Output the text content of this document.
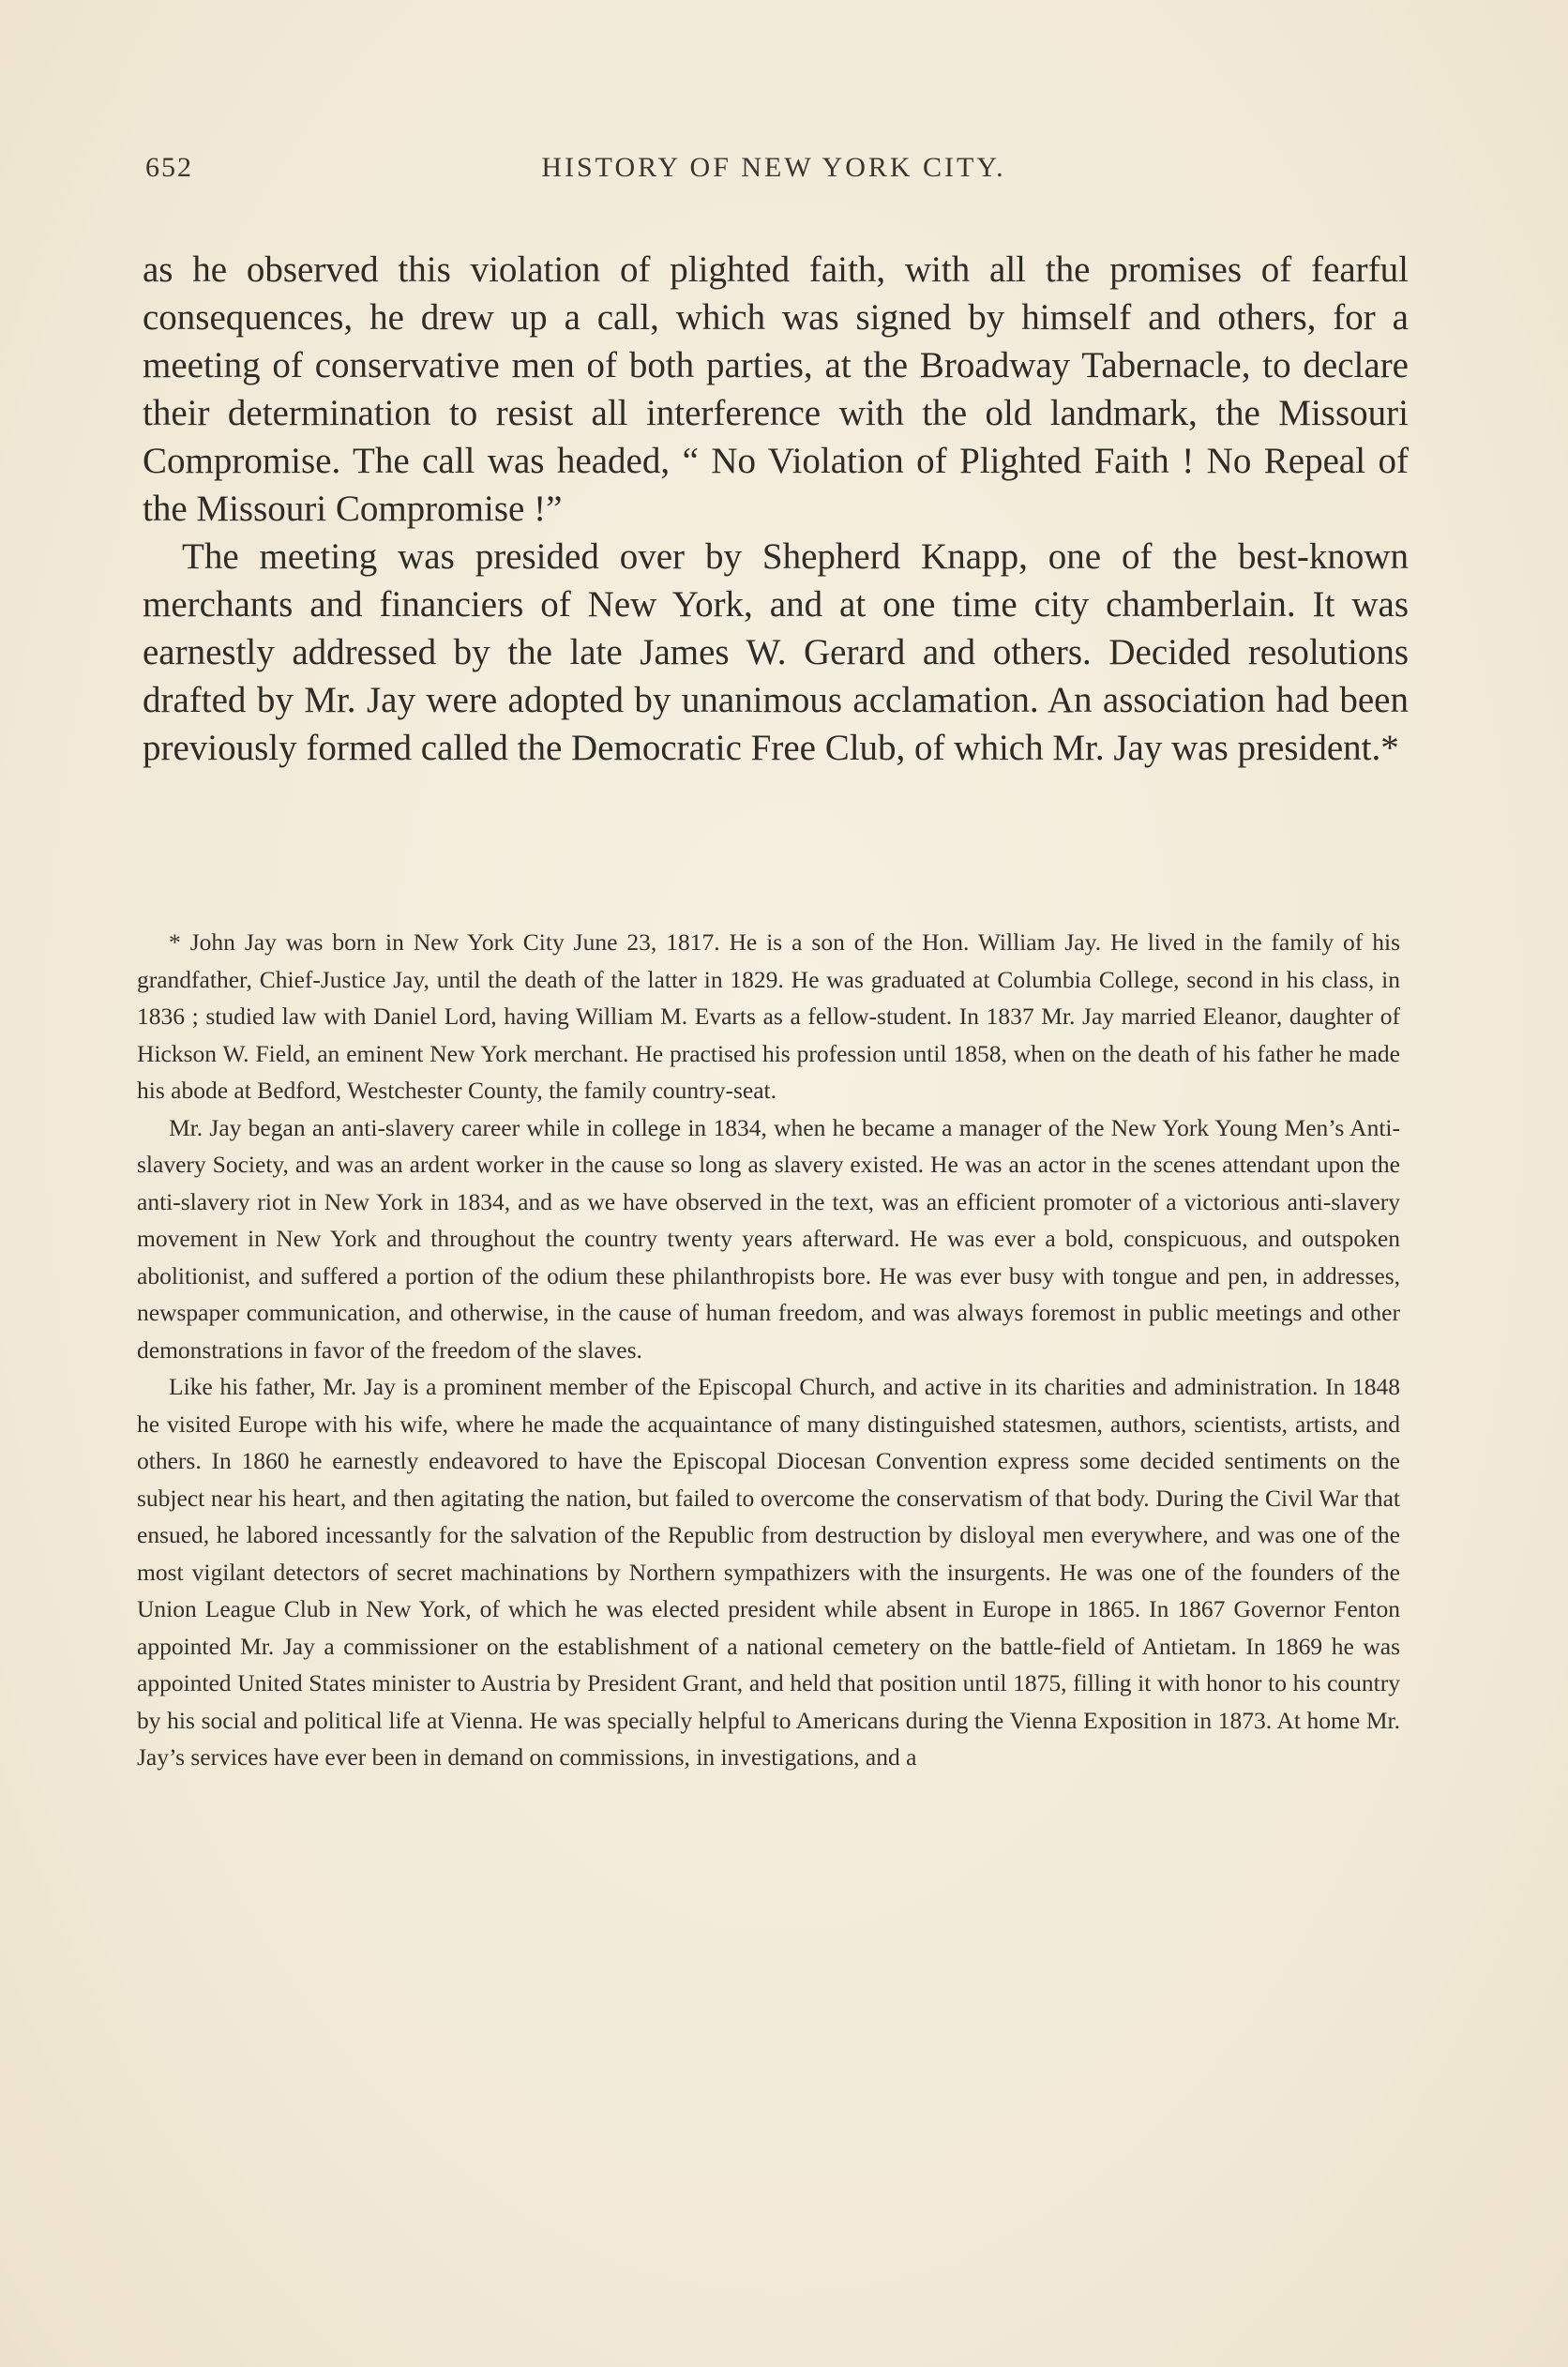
652	HISTORY OF NEW YORK CITY.

as he observed this violation of plighted faith, with all the promises of fearful consequences, he drew up a call, which was signed by himself and others, for a meeting of conservative men of both parties, at the Broadway Tabernacle, to declare their determination to resist all interference with the old landmark, the Missouri Compromise. The call was headed, “ No Violation of Plighted Faith ! No Repeal of the Missouri Compromise !”

The meeting was presided over by Shepherd Knapp, one of the best-known merchants and financiers of New York, and at one time city chamberlain. It was earnestly addressed by the late James W. Gerard and others. Decided resolutions drafted by Mr. Jay were adopted by unanimous acclamation. An association had been previously formed called the Democratic Free Club, of which Mr. Jay was president.*

* John Jay was born in New York City June 23, 1817. He is a son of the Hon. William Jay. He lived in the family of his grandfather, Chief-Justice Jay, until the death of the latter in 1829. He was graduated at Columbia College, second in his class, in 1836 ; studied law with Daniel Lord, having William M. Evarts as a fellow-student. In 1837 Mr. Jay married Eleanor, daughter of Hickson W. Field, an eminent New York merchant. He practised his profession until 1858, when on the death of his father he made his abode at Bedford, Westchester County, the family country-seat.

Mr. Jay began an anti-slavery career while in college in 1834, when he became a manager of the New York Young Men’s Anti-slavery Society, and was an ardent worker in the cause so long as slavery existed. He was an actor in the scenes attendant upon the anti-slavery riot in New York in 1834, and as we have observed in the text, was an efficient promoter of a victorious anti-slavery movement in New York and throughout the country twenty years afterward. He was ever a bold, conspicuous, and outspoken abolitionist, and suffered a portion of the odium these philanthropists bore. He was ever busy with tongue and pen, in addresses, newspaper communication, and otherwise, in the cause of human freedom, and was always foremost in public meetings and other demonstrations in favor of the freedom of the slaves.

Like his father, Mr. Jay is a prominent member of the Episcopal Church, and active in its charities and administration. In 1848 he visited Europe with his wife, where he made the acquaintance of many distinguished statesmen, authors, scientists, artists, and others. In 1860 he earnestly endeavored to have the Episcopal Diocesan Convention express some decided sentiments on the subject near his heart, and then agitating the nation, but failed to overcome the conservatism of that body. During the Civil War that ensued, he labored incessantly for the salvation of the Republic from destruction by disloyal men everywhere, and was one of the most vigilant detectors of secret machinations by Northern sympathizers with the insurgents. He was one of the founders of the Union League Club in New York, of which he was elected president while absent in Europe in 1865. In 1867 Governor Fenton appointed Mr. Jay a commissioner on the establishment of a national cemetery on the battle-field of Antietam. In 1869 he was appointed United States minister to Austria by President Grant, and held that position until 1875, filling it with honor to his country by his social and political life at Vienna. He was specially helpful to Americans during the Vienna Exposition in 1873. At home Mr. Jay’s services have ever been in demand on commissions, in investigations, and a
